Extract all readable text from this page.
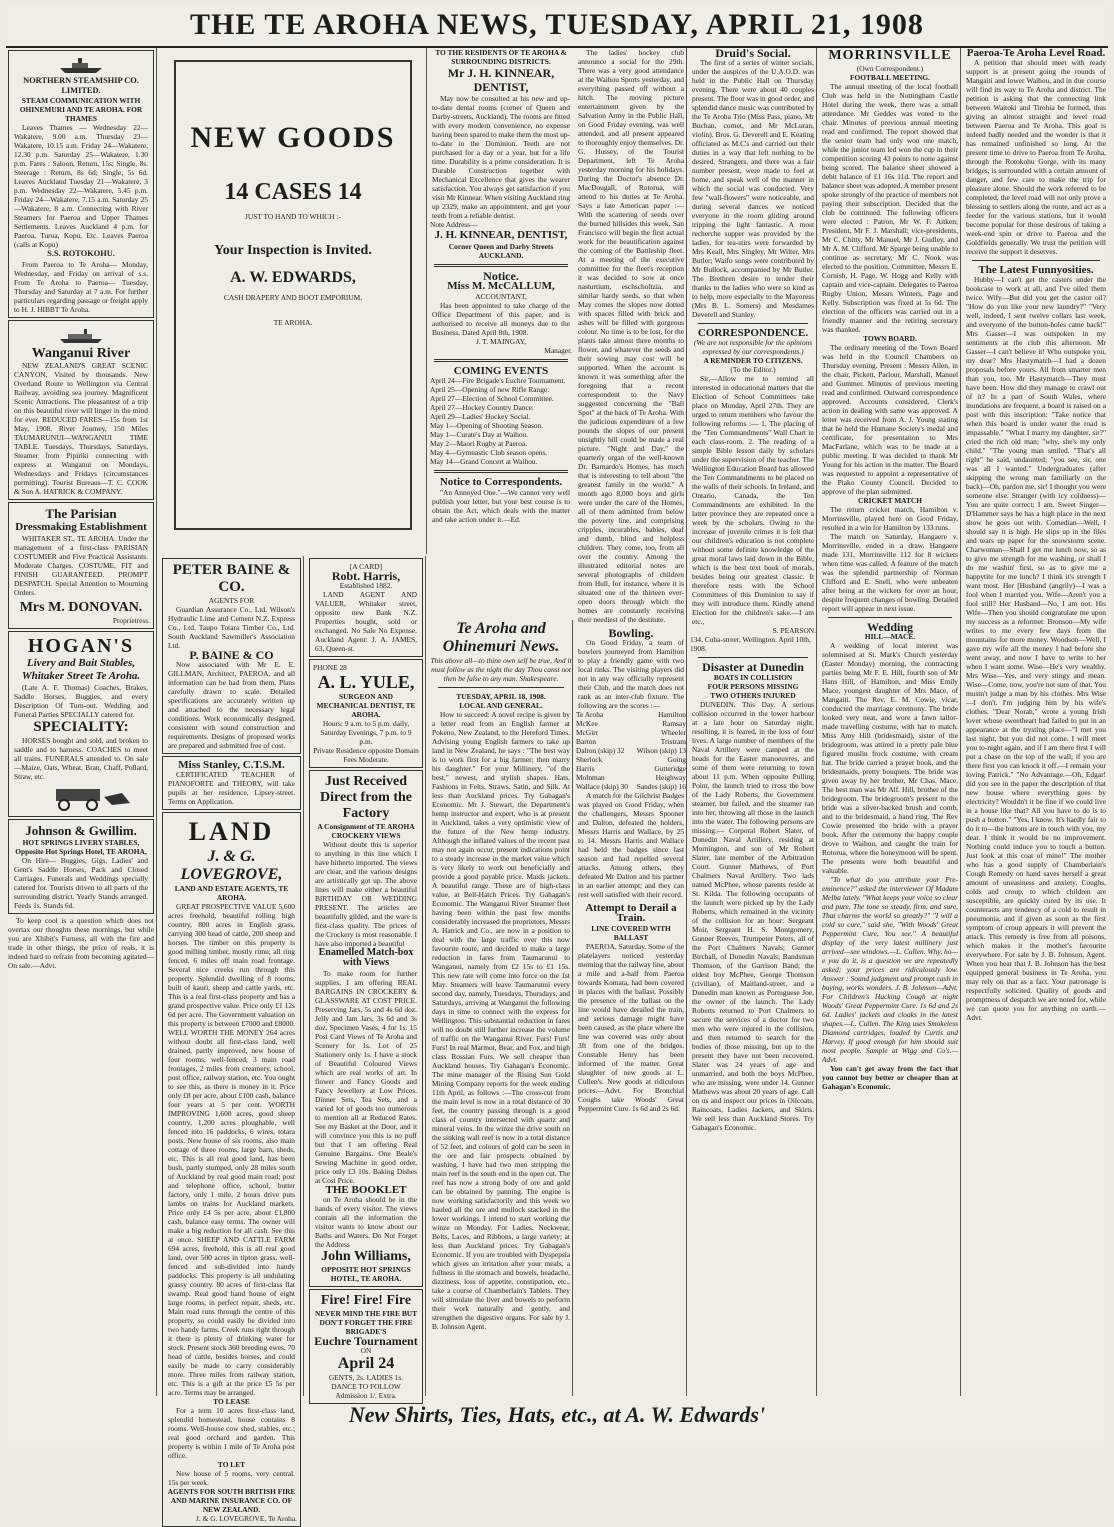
THE TE AROHA NEWS, TUESDAY, APRIL 21, 1908
NORTHERN STEAMSHIP CO. LIMITED.
STEAM COMMUNICATION WITH OHINEMURI AND TE AROHA. FOR THAMES
Leaves Thames — Wednesday 22—Wakatere, 9.00 a.m. Thursday 23—Wakatere, 10.15 a.m. Friday 24—Wakatere, 12.30 p.m. Saturday 25—Wakatere, 1.30 p.m. Fares : Saloon, Return, 15s; Single, 8s. Steerage : Return, 8s 6d; Single, 5s 6d. Leaves Auckland Tuesday 21—Wakatere, 3 p.m. Wednesday 22—Wakatere, 5.45 p.m. Friday 24—Wakatere, 7.15 a.m. Saturday 25—Wakatere, 8 a.m. Connecting with River Steamers for Paeroa and Upper Thames Settlements. Leaves Auckland 4 p.m. for Paeroa, Turua, Kopu, Etc. Leaves Paeroa (calls at Kopu)
S.S. ROTOKOHU.
From Paeroa to Te Aroha— Monday, Wednesday, and Friday on arrival of s.s. From Te Aroha to Paeroa— Tuesday, Thursday and Saturday at 7 a.m. For further particulars regarding passage or freight apply to H. J. HIBBT Te Aroha.
Wanganui River
NEW ZEALAND'S GREAT SCENIC CANYON, Visited by thousands. New Overland Route to Wellington via Central Railway, avoiding sea journey. Magnificent Scenic Attractions. The pleasantest of a trip on this beautiful river will linger in the mind for ever. REDUCED FARES—15s from 1st May, 1908. River Journey, 150 Miles TAUMARUNUI—WANGANUI TIME TABLE. Tuesdays, Thursdays, Saturdays, Steamer from Pipiriki connecting with express at Wanganui on Mondays, Wednesdays and Fridays (circumstances permitting). Tourist Bureaus—T. C. COOK & Son A. HATRICK & COMPANY.
The Parisian
Dressmaking Establishment
WHITAKER ST., TE AROHA. Under the management of a first-class PARISIAN COSTUMIER and Five Practical Assistants. Moderate Charges. COSTUME, FIT and FINISH GUARANTEED. PROMPT DESPATCH. Special Attention to Mourning Orders.
Mrs M. DONOVAN.
Proprietress.
HOGAN'S
Livery and Bait Stables, Whitaker Street Te Aroha.
(Late A. F. Thomas) Coaches, Brakes, Saddle Horses, Buggies, and every Description Of Turn-out. Wedding and Funeral Parties SPECIALLY catered for.
SPECIALITY:
HORSES bought and sold, and broken to saddle and to harness. COACHES to meet all trains. FUNERALS attended to. On sale—Maize, Oats, Wheat, Bran, Chaff, Pollard, Straw, etc.
Johnson & Gwillim.
HOT SPRINGS LIVERY STABLES, Opposite Hot Springs Hotel, TE AROHA,
On Hire— Buggies, Gigs, Ladies' and Gent's Saddle Horses, Pack and Closed Carriages. Funerals and Weddings specially catered for. Tourists driven to all parts of the surrounding district. Yearly Stands arranged. Feeds 1s. Stands 6d.
To keep cool is a question which does not overtax our thoughts these mornings, but while you are Xhibit's Furness, all with the fire and trade in other things, the price of reals, it is indeed hard to refrain from becoming agitated—On sale.—Advt.
NEW GOODS
14 CASES 14
JUST TO HAND TO WHICH :-
Your Inspection is Invited.
A. W. EDWARDS,
CASH DRAPERY AND BOOT EMPORIUM,
TE AROHA.
TO THE RESIDENTS OF TE AROHA & SURROUNDING DISTRICTS.
Mr J. H. KINNEAR, DENTIST,
May now be consulted at his new and up-to-date dental rooms (corner of Queen and Darby-streets, Auckland). The rooms are fitted with every modern convenience, no expense having been spared to make them the most up-to-date in the Dominion. Teeth are not purchased for a day or a year, but for a life time. Durability is a prime consideration. It is Durable Construction together with Mechanical Excellence that gives the wearer satisfaction. You always get satisfaction if you visit Mr Kinnear. When visiting Auckland ring up 2329, make an appointment, and get your teeth from a reliable dentist.
Note Address—
J. H. KINNEAR, DENTIST,
Corner Queen and Darby Streets AUCKLAND.
Notice.
Miss M. McCALLUM,
ACCOUNTANT,
Has been appointed to take charge of the Office Department of this paper, and is authorised to receive all moneys due to the Business. Dated April 8th, 1908.
J. T. MAINGAY,
Manager.
COMING EVENTS
April 24—Fire Brigade's Euchre Tournament.
April 25—Opening of new Rifle Range.
April 27—Election of School Committee.
April 27—Hockey Country Dance.
April 29—Ladies' Hockey Social.
May 1—Opening of Shooting Season.
May 1—Curate's Day at Waihou.
May 2—Maori Rugby at Paeroa.
May 4—Gymnastic Club season opens.
May 14—Grand Concert at Waihou.
Notice to Correspondents.
"An Annoyed One."—We cannot very well publish your letter, but your best course is to obtain the Act, which deals with the matter and take action under it.—Ed.
PETER BAINE & CO.
AGENTS FOR
Guardian Assurance Co., Ltd. Wilson's Hydraulic Lime and Cement N.Z. Express Co., Ltd. Taupo Totara Timber Co., Ltd. South Auckland Sawmiller's Association Ltd.
P. BAINE & CO
Now associated with Mr E. E. GILLMAN, Architect, PAEROA, and all information can be had from them. Plans carefully drawn to scale. Detailed specifications are accurately written up and attached to the necessary legal conditions. Work economically designed, consistent with sound construction and requirements. Designs of proposed works are prepared and submitted free of cost.
Miss Stanley, C.T.S.M.
CERTIFICATED TEACHER of PIANOFORTE and THEORY, will take pupils at her residence, Lipsey-street. Terms on Application.
LAND
J. & G. LOVEGROVE,
LAND AND ESTATE AGENTS, TE AROHA.
GREAT PROSPECTIVE VALUE 5,600 acres freehold, beautiful rolling high country, 800 acres in English grass, carrying 300 head of cattle, 200 sheep and horses. The timber on this property is good milling timber, mostly rimu; all ring fenced. 6 miles off main road frontage. Several nice creeks run through this property. Splendid dwelling of 8 rooms, built of kauri, sheep and cattle yards, etc. This is a real first-class property and has a grand prospective value. Price only £1 12s 6d per acre. The Government valuation on this property is between £7000 and £8000. WELL WORTH THE MONEY 264 acres without doubt all first-class land, well drained, partly improved, new house of four rooms, well-fenced, 3 main road frontages, 2 miles from creamery, school, post office, railway station, etc. You ought to see this, as there is money in it. Price only £8 per acre, about £100 cash, balance four years at 5 per cent. WORTH IMPROVING 1,600 acres, good sheep country, 1,200 acres ploughable, well fenced into 16 paddocks, 6 wires, totara posts. New house of six rooms, also main cottage of three rooms, large barn, sheds, etc. This is all real good land, has been bush, partly stumped, only 28 miles south of Auckland by real good main road; post and telephone office, school, butter factory, only 1 mile, 2 hours drive puts lambs on trains for Auckland markets. Price only £4 5s per acre, about £1,800 cash, balance easy terms. The owner will make a big reduction for all cash. See this at once. SHEEP AND CATTLE FARM 694 acres, freehold, this is all real good land, over 500 acres in tipton grass, well-fenced and sub-divided into handy paddocks. This property is all undulating grassy country. 80 acres of first-class flat swamp. Real good hand house of eight large rooms, in perfect repair, sheds, etc. Main road runs through the centre of this property, so could easily be divided into two handy farms. Creek runs right through it there is plenty of drinking water for stock. Present stock 360 breeding ewes, 70 head of cattle, besides horses, and could easily be made to carry considerably more. Three miles from railway station, etc. This is a gift at the price £5 5s per acre. Terms may be arranged.
TO LEASE
For a term 10 acres first-class land, splendid homestead, house contains 8 rooms. Well-house cow shed, stables, etc.; real good orchard and garden. This property is within 1 mile of Te Aroha post office.
TO LET
New house of 5 rooms, very central. 15s per week.
AGENTS FOR SOUTH BRITISH FIRE AND MARINE INSURANCE CO. OF NEW ZEALAND.
J. & G. LOVEGROVE, Te Aroha.
[A CARD]
Robt. Harris,
Established 1882.
LAND AGENT AND VALUER, Whitaker street, opposite new Bank N.Z. Properties bought, sold or exchanged. No Sale No Expense. Auckland Agent: J. A. JAMES, 63, Queen-st.
PHONE 28
A. L. YULE,
SURGEON AND MECHANICAL DENTIST, TE AROHA.
Hours: 9 a.m. to 5 p.m. daily, Saturday Evenings, 7 p.m. to 9 p.m.
Private Residence opposite Domain Fees Moderate.
Just Received Direct from the Factory
A Consignment of TE AROHA CROCKERY VIEWS
Without doubt this is superior to anything in this line which I have hitherto imported. The views are clear, and the various designs are artistically got up. The above lines will make either a beautiful BIRTHDAY OR WEDDING PRESENT. The articles are beautifully gilded, and the ware is first-class quality. The prices of the Crockery is most reasonable. I have also imported a beautiful
Enamelled Match-box with Views
To make room for further supplies, I am offering REAL BARGAINS IN CROCKERY & GLASSWARE AT COST PRICE. Preserving Jars, 5s and 4s 6d doz. Jelly and Jam Jars, 3s 6d and 3s doz. Specimen Vases, 4 for 1s. 15 Post Card Views of Te Aroha and Scenery for 1s. Lot of 25 Stationery only 1s. I have a stock of Beautiful Coloured Views which are real works of art. In flower and Fancy Goods and Fancy Jewellery at Low Prices. Dinner Sets, Tea Sets, and a varied lot of goods too numerous to mention all at Reduced Rates. See my Basket at the Door, and it will convince you this is no puff but that I am offering Real Genuine Bargains. One Beale's Sewing Machine in good order, price only £3 10s. Baking Dishes at Cost Price.
THE BOOKLET
on Te Aroha should be in the hands of every visitor. The views contain all the information the visitor wants to know about our Baths and Waters. Do Not Forget the Address
John Williams,
OPPOSITE HOT SPRINGS HOTEL, TE AROHA.
Fire! Fire! Fire
NEVER MIND THE FIRE BUT DON'T FORGET THE FIRE BRIGADE'S
Euchre Tournament
ON
April 24
GENTS, 2s. LADIES 1s.
DANCE TO FOLLOW
Admission 1/. Extra.
Te Aroha and Ohinemuri News.
This above all—to thine own self be true, And it must follow as the night the day Thou canst not then be false to any man. Shakespeare.
TUESDAY, APRIL 18, 1908.
LOCAL AND GENERAL.
How to succeed: A novel recipe is given by a letter read from an English farmer at Pokeno, New Zealand, to the Hereford Times. Advising young English farmers to take up land in New Zealand, he says : "The best way is to work first for a big farmer; then marry his daughter." For your Millinery, "of the best," newest, and stylish shapes. Hats, Fashions in Felts, Straws, Satin, and Silk. At less than Auckland prices. Try Gahagan's Economic. Mr J. Stewart, the Department's hemp instructor and expert, who is at present in Auckland, takes a very optimistic view of the future of the New hemp industry. Although the inflated values of the recent past may not again occur, present indications point to a steady increase in the market value which is very likely to work out beneficially and provide a good payable price. Maids jackets. A beautiful range. These are of high-class value, at Bell-Hatch Prices. Try Gahagan's Economic. The Wanganui River Steamer fleet having been within the past few months considerably increased the proprietors, Messrs A. Hatrick and Co., are now in a position to deal with the large traffic over this now favourite route, and decided to make a large reduction in fares from Taumarunui to Wanganui, namely from £2 15s to £1 15s. This new rate will come into force on the 1st May. Steamers will leave Taumarunui every second day, namely, Tuesdays, Thursdays, and Saturdays, arriving at Wanganui the following days in time to connect with the express for Wellington. This substantial reduction in fares will no doubt still further increase the volume of traffic on the Wanganui River. Furs! Furs! Furs! In real Marmot, Bear, and Fox, and high class Rossian Furs. We sell cheaper than Auckland houses. Try Gahagan's Economic. The mine manager of the Rising Sun Gold Mining Company reports for the week ending 11th April, as follows :—The cross-cut from the main level is now in a total distance of 30 feet, the country passing through is a good class of country intersected with quartz and mineral veins. In the winze the drive south on the sinking wall reef is now in a total distance of 52 feet, and colours of gold can be seen in the ore and fair prospects obtained by washing. I have had two men stripping the main reef in the south end in the open cut. The reef has now a strong body of ore and gold can be obtained by panning. The engine is now working satisfactorily and this week we hauled all the ore and mullock stacked in the lower workings. I intend to start working the winze on Monday. For Ladies, Neckwear, Belts, Laces, and Ribbons, a large variety; at less than Auckland prices. Try Gahagan's Economic. If you are troubled with Dyspepsia which gives an irritation after your meals, a fullness in the stomach and bowels, headache, dizziness, loss of appetite, constipation, etc., take a course of Chamberlain's Tablets. They will stimulate the liver and bowels to perform their work naturally and gently, and strengthen the digestive organs. For sale by J. B. Johnson Agent.
The ladies' hockey club announce a social for the 29th. There was a very good attendance at the Waihou Sports yesterday, and everything passed off without a hitch. The moving picture entertainment given by the Salvation Army in the Public Hall, on Good Friday evening, was well attended, and all present appeared to thoroughly enjoy themselves. Dr. G. Hussey, of the Tourist Department, left Te Aroha yesterday morning for his holidays. During the Doctor's absence Dr. MacDougall, of Rotorua, will attend to his duties at Te Aroha. Says a late American paper :—With the scattering of seeds over the burned hillsides this week, San Francisco will begin the first actual work for the beautification against the coming of the Battleship fleet. At a meeting of the executive committee for the fleet's reception it was decided to sow at once nasturtium, eschscholtzia, and similar hardy seeds, so that when May comes the slopes now dotted with spaces filled with brick and ashes will be filled with gorgeous colour. No time is to be lost, for the plants take almost three months to flower, and whatever the seeds and their sowing may cost will be supported. When the account is known it was something after the foregoing that a recent correspondent to the Navy suggested concerning the "Ball Spot" at the back of Te Aroha. With the judicious expenditure of a few pounds the slopes of our present unsightly hill could be made a real picture. "Night and Day," the quarterly organ of the well-known Dr. Barnardo's Homes, has much that is interesting to tell about "the greatest family in the world." A month ago 8,000 boys and girls were under the care of the Homes, all of them admitted from below the poverty line, and comprising cripples, incurables, babies, deaf and dumb, blind and helpless children. They come, too, from all over the country. Among the illustrated editorial notes are several photographs of children from Hull, for instance, where it is situated one of the thirteen ever-open doors through which the homes are constantly receiving their neediest of the destitute.
Bowling.
On Good Friday, a team of bowlers journeyed from Hamilton to play a friendly game with two local rinks. The visiting players did not in any way officially represent their Club, and the match does not rank as an inter-club fixture. The following are the scores :—
Te Aroha	Hamilton
McKee	Ramsay
McGirr	Wheeler
Barton	Tristram
Dalton (skip) 32 Wilson (skip) 13
Sherlock	Going
Harris	Gutteridge
Molnman	Heighway
Wallace (skip) 30 Sandes (skip) 16
A match for the Gilchrist Badges was played on Good Friday, when the challengers, Messrs Spooner and Dalton, defeated the holders, Messrs Harris and Wallace, by 25 to 14. Messrs Harris and Wallace had held the badges since last season and had repelled several attacks. Among others, they defeated Mr Dalton and his partner in an earlier attempt; and they can rest well satisfied with their record.
Attempt to Derail a Train.
LINE COVERED WITH BALLAST
PAEROA, Saturday. Some of the platelayers noticed yesterday morning that the railway line, about a mile and a-half from Paeroa towards Komata, had been covered in places with the ballast. Possibly the presence of the ballast on the line would have derailed the train, and serious damage might have been caused, as the place where the line was covered was only about 3ft from one of the bridges. Constable Henry has been informed of the matter. Great slaughter of new goods at L. Cullen's. New goods at ridiculous prices.—Advt. For Bronchial Coughs take Woods' Great Peppermint Cure. 1s 6d and 2s 6d.
Druid's Social.
The first of a series of winter socials, under the auspices of the U.A.O.D. was held in the Public Hall on Thursday evening. There were about 40 couples present. The floor was in good order, and splendid dance music was contributed by the Te Aroha Trio (Miss Pass, piano, Mr Buchan, cornet, and Mr McLuran, violin). Bros. G. Deverell and E. Keating officiated as M.C's and carried out their duties in a way that left nothing to be desired. Strangers, and there was a fair number present, were made to feel at home, and speak well of the manner in which the social was conducted. Very few "wall-flowers" were noticeable, and during several dances we noticed everyone in the room gliding around tripping the light fantastic. A most recherche supper was provided by the ladies, for tea-stirs were forwarded by Mrs Keall, Mrs Singley, Mr Wilter, Mrs Butler; Waifo songs were contributed by Mr Bullock, accompanied by Mr Butler. The Brethren desire to tender their thanks to the ladies who were so kind as to help, more especially to the Mayoress (Mrs B. L. Somers) and Mesdames Deverell and Stanley.
CORRESPONDENCE.
(We are not responsible for the opinions expressed by our correspondents.)
A REMINDER TO CITIZENS.
(To the Editor.)
Sir,—Allow me to remind all interested in educational matters that the Election of School Committees take place on Monday, April 27th. They are urged to return members who favour the following reforms :— 1. The placing of the "Ten Commandments" Wall Chart in each class-room. 2. The reading of a simple Bible lesson daily by scholars under the supervision of the teacher. The Wellington Education Board has allowed the Ten Commandments to be placed on the walls of their schools. In Ireland, and Ontario, Canada, the Ten Commandments are exhibited. In the latter province they are repeated once a week by the scholars. Owing to the increase of juvenile crimes it is felt that our children's education is not complete without some definite knowledge of the great moral laws laid down in the Bible, which is the best text book of morals, besides being our greatest classic. It therefore rests with the School Committees of this Dominion to say if they will introduce them. Kindly attend Election for the children's sake.—I am etc.,
S. PEARSON.
134, Cuba-street, Wellington. April 10th, 1908.
Disaster at Dunedin
BOATS IN COLLISION
FOUR PERSONS MISSING
TWO OTHERS INJURED
DUNEDIN, This Day. A serious collision occurred in the lower harbour at a late hour on Saturday night, resulting, it is feared, in the loss of four lives. A large number of members of the Naval Artillery were camped at the heads for the Easter manoeuvres, and some of them were returning to town about 11 p.m. When opposite Pulling Point, the launch tried to cross the bow of the Lady Roberts, the Government steamer, but failed, and the steamer ran into her, throwing all those in the launch into the water. The following persons are missing:— Corporal Robert Slater, of Dunedin Naval Artillery, residing at Mornington, and son of Mr Robert Slater, late member of the Arbitration Court. Gunner Mathews, of Port Chalmers Naval Artillery. Two lads named McPhee, whose parents reside at St. Kilda. The following occupants of the launch were picked up by the Lady Roberts, which remained in the vicinity of the collision for an hour: Sergeant Moir, Sergeant H. S. Montgomery, Gunner Reeves, Trumpeter Peters, all of the Port Chalmers Navals; Gunner Birchall, of Dunedin Navals; Bandsman Thomson, of the Garrison Band; the eldest boy McPhee, George Thomson (civilian), of Maitland-street, and a Dunedin man known as Portuguese Joe, the owner of the launch. The Lady Roberts returned to Port Chalmers to secure the services of a doctor for two men who were injured in the collision, and then returned to search for the bodies of those missing, but up to the present they have not been recovered. Slater was 24 years of age and unmarried, and both the boys McPhee, who are missing, were under 14. Gunner Mathews was about 20 years of age. Call on us and inspect our prices in Oilcoats, Raincoats, Ladies Jackets, and Skirts. We sell less than Auckland Stores. Try Gahagan's Economic.
MORRINSVILLE
(Own Correspondent.)
FOOTBALL MEETING.
The annual meeting of the local football Club was held in the Nottingham Castle Hotel during the week, there was a small attendance. Mr Geddes was voted to the chair. Minutes of previous annual meeting read and confirmed. The report showed that the senior team had only won one match, while the junior team led won the cup in their competition scoring 43 points to none against being scored. The balance sheet showed a debit balance of £1 16s 11d. The report and balance sheet was adopted. A member present spoke strongly of the practice of members not paying their subscription. Decided that the club be continued. The following officers were elected : Patron, Mr W. F. Aitken; President, Mr F. J. Marshall; vice-presidents, Mr C. Chitty, Mr Manuel, Mr J. Gudley, and Mr A. M. Clifford. Mr Sparge being unable to continue as secretary, Mr C. Nook was elected to the position. Committee, Messrs E. Cornish, H. Page, W. Hogg and Kelly with captain and vice-captain. Delegates to Paeroa Rugby Union, Messrs Winters, Page and Kelly. Subscription was fixed at 5s 6d. The election of the officers was carried out in a friendly manner and the retiring secretary was thanked.
TOWN BOARD.
The ordinary meeting of the Town Board was held in the Council Chambers on Thursday evening. Present : Messrs Allen, in the chair, Pickett, Parlour, Marshall, Manuel and Gummer. Minutes of previous meeting read and confirmed. Outward correspondence approved. Accounts considered, Clerk's action in dealing with same was approved. A letter was received from A. J. Young stating that he held the Humane Society's medal and certificate, for presentation to Mrs MacFarlane, which was to be made at a public meeting. It was decided to thank Mr Young for his action in the matter. The Board was requested to appoint a representative of the Piako County Council. Decided to approve of the plan submitted.
CRICKET MATCH
The return cricket match, Hamilton v. Morrinsville, played here on Good Friday, resulted in a win for Hamilton by 133 runs.
The match on Saturday, Hangaere v. Morrinsville, ended in a draw, Hangaere made 131, Morrinsville 112 for 8 wickets when time was called. A feature of the match was the splendid partnership of Norman Clifford and E. Snell, who were unbeaten after being at the wickets for over an hour, despite frequent changes of bowling. Detailed report will appear in next issue.
Wedding
HILL—MACE.
A wedding of local interest was solemnised at St. Mark's Church yesterday (Easter Monday) morning, the contracting parties being Mr F. E. Hill, fourth son of Mr Hans Hill, of Hamilton, and Miss Emily Mace, youngest daughter of Mrs Mace, of Mangaiti. The Rev. E. M. Cowie, vicar, conducted the marriage ceremony. The bride looked very neat, and wore a fawn tailor-made travelling costume, with hat to match. Miss Amy Hill (bridesmaid), sister of the bridegroom, was attired in a pretty pale blue figured muslin frock costume, with cream hat. The bride carried a prayer book, and the bridesmaids, pretty bouquets. The bride was given away by her brother, Mr Chas. Mace. The best man was Mr Alf. Hill, brother of the bridegroom. The bridegroom's present to the bride was a silver-backed brush and comb, and to the bridesmaid, a band ring. The Rev Cowie presented the bride with a prayer book. After the ceremony the happy couple drove to Waihou, and caught the train for Rotorua, where the honeymoon will be spent. The presents were both beautiful and valuable.
"To what do you attribute your Pre-eminence?" asked the interviewer Of Madam Melba lately. "What keeps your voice so clear and pure, The tone so steady, firm, and sure, That charms the world so greatly?" "I will a cold so cure," said she, "With Woods' Great Peppermint Cure, You see." A beautiful display of the very latest millinery just arrived—see windows.—L. Cullen. Why, ho—e you do it, is a question we are repeatedly asked; your prices are ridiculously low. Answer : Sound judgment and prompt cash in buying, works wonders. J. B. Johnson—Advt. For Children's Hacking Cough at night Woods' Great Peppermint Cure. 1s 6d and 2s 6d. Ladies' jackets and cloaks in the latest shapes.—L. Cullen. The King uses Smokeless Diamond cartridges, loaded by Curtis and Harvey. If good enough for him should suit most people. Sample at Wigg and Co's.—Advt.
You can't get away from the fact that you cannot buy better or cheaper than at Gahagan's Economic.
Paeroa-Te Aroha Level Road.
A petition that should meet with ready support is at present going the rounds of Mangaiti and lower Waihou, and in due course will find its way to Te Aroha and district. The petition is asking that the connecting link between Waitoki and Tirohia be formed, thus giving an almost straight and level road between Paeroa and Te Aroha. This goal is indeed badly needed and the wonder is that it has remained unfinished so long. At the present time to drive to Paeroa from Te Aroha, through the Rotokohu Gorge, with its many bridges, is surrounded with a certain amount of danger, and few care to make the trip for pleasure alone. Should the work referred to be completed, the level road will not only prove a blessing to settlers along the route, and act as a feeder for the various stations, but it would become popular for those desirous of taking a week-end spin or drive to Paeroa and the Goldfields generally. We trust the petition will receive the support it deserves.
The Latest Funnyosities.
Hubby—I can't get the casters under the bookcase to work at all, and I've oiled them twice. Wify—But did you get the castor oil? "How do you like your new laundry?" "Very well, indeed, I sent twelve collars last week, and everyone of the button-holes came back!" Mrs Gasser—I was outspoken in my sentiments at the club this afternoon. Mr Gasser—I can't believe it! Who outspoke you, my dear? Mrs Hastymatch—I had a dozen proposals before yours. All from smarter men than you, too. Mr Hastymatch—They must have been. How did they manage to crawl out of it? In a part of South Wales, where inundations are frequent, a board is raised on a post with this inscription: "Take notice that when this board is under water the road is impassable." "What I marry my daughter, sir?" cried the rich old man; "why, she's my only child." "The young man smiled. "That's all right" he said, undaunted; "you see, sir, one was all I wanted." Undergraduates (after skipping the wrong man familiarly on the back)—Oh, pardon me, sir! I thought you were someone else. Stranger (with icy coldness)—You are quite correct; I am. Sweet Singer—D'Hammer says he has a high place in the next show he goes out with. Comedian—Well, I should say it is high. He slips up in the files and tears up paper for the snowstorm scene. Charwoman—Shall I get me lunch now, so as to give me strength for me washing, or shall I do me washin' first, so as to give me a happytite for me lunch? I think it's strength I want most. Her [Husband (angrily)—I was a fool when I married you. Wife—Aren't you a fool still? Her Husband—No, I am not. His Wife—Then you should congratulate me upon my success as a reformer. Bronson—My wife writes to me every few days from the mountains for more money. Woodson—Well, I gave my wife all the money I had before she went away, and now I have to write to her when I want some. Wise—He's very wealthy. Mrs Wise—Yes, and very stingy and mean. Wise—Come, now, you're not sure of that. You mustn't judge a man by his clothes. Mrs Wise—I don't. I'm judging him by his wife's clothes. "Dear Norah," wrote a young Irish lover whose sweetheart had failed to put in an appearance at the trysting place—"I met you last night, but you did not come. I will meet you to-night again, and if I am there first I will put a chase on the top of the wall; if you are there first you can knock it off.—I remain your loving Patrick." "No Advantage.—Oh, Edgar! did you see in the paper the description of that new house where everything goes by electricity? Wouldn't it be fine if we could live in a house like that? All you have to do is to push a button." "Yes, I know. It's hardly fair to do it to—the buttons are in touch with you, my dear. I think it would be no improvement. Nothing could induce you to touch a button. Just look at this coat of mine!" The mother who has a good supply of Chamberlain's Cough Remedy on hand saves herself a great amount of uneasiness and anxiety. Coughs, colds and croup, to which children are susceptible, are quickly cured by its use. It counteracts any tendency of a cold to result in pneumonia, and if given as soon as the first symptom of croup appears it will prevent the attack. This remedy is free from all poisons, which makes it the mother's favourite everywhere. For sale by J. B. Johnson, Agent. When you hear that J. B. Johnson has the best equipped general business in Te Aroha, you may rely on that as a fact. Your patronage is respectfully solicited. Quality of goods and promptness of despatch we are noted for, while we can quote you for anything on earth.—Advt.
New Shirts, Ties, Hats, etc., at A. W. Edwards'
